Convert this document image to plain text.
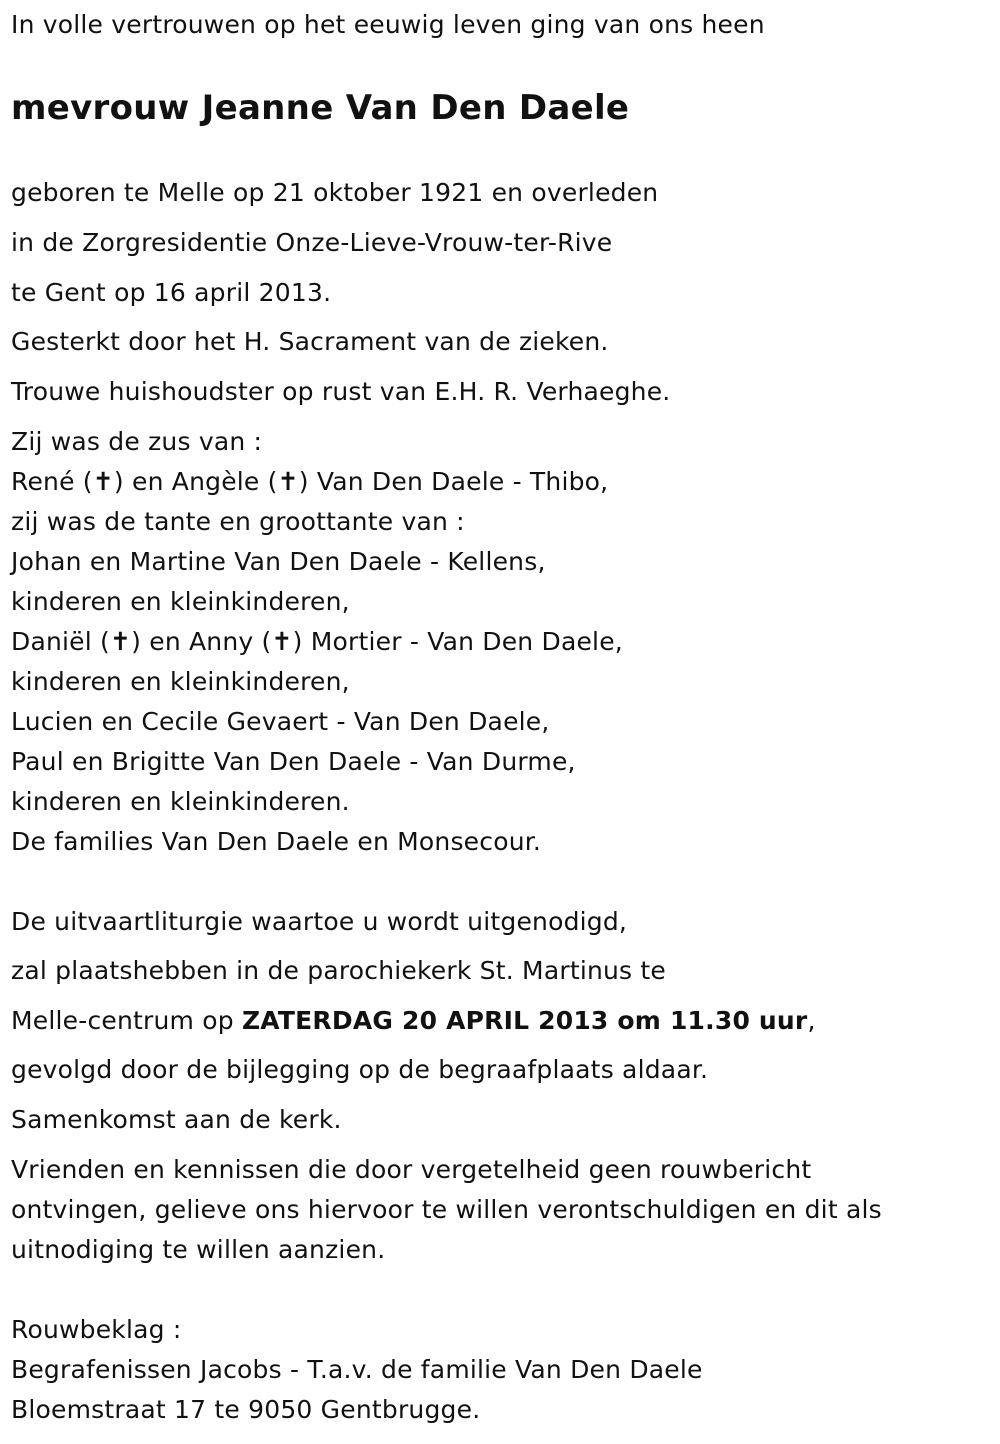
In volle vertrouwen op het eeuwig leven ging van ons heen

mevrouw Jeanne Van Den Daele

geboren te Melle op 21 oktober 1921 en overleden

in de Zorgresidentie Onze-Lieve-Vrouw-ter-Rive

te Gent op 16 april 2013.

Gesterkt door het H. Sacrament van de zieken.

Trouwe huishoudster op rust van E.H. R. Verhaeghe.

Zij was de zus van :

René (✝) en Angèle (✝) Van Den Daele - Thibo,

zij was de tante en groottante van :

Johan en Martine Van Den Daele - Kellens,

kinderen en kleinkinderen,

Daniël (✝) en Anny (✝) Mortier - Van Den Daele,

kinderen en kleinkinderen,

Lucien en Cecile Gevaert - Van Den Daele,

Paul en Brigitte Van Den Daele - Van Durme,

kinderen en kleinkinderen.

De families Van Den Daele en Monsecour.

De uitvaartliturgie waartoe u wordt uitgenodigd,

zal plaatshebben in de parochiekerk St. Martinus te

Melle-centrum op ZATERDAG 20 APRIL 2013 om 11.30 uur,

gevolgd door de bijlegging op de begraafplaats aldaar.

Samenkomst aan de kerk.

Vrienden en kennissen die door vergetelheid geen rouwbericht

ontvingen, gelieve ons hiervoor te willen verontschuldigen en dit als

uitnodiging te willen aanzien.

Rouwbeklag :

Begrafenissen Jacobs - T.a.v. de familie Van Den Daele

Bloemstraat 17 te 9050 Gentbrugge.
